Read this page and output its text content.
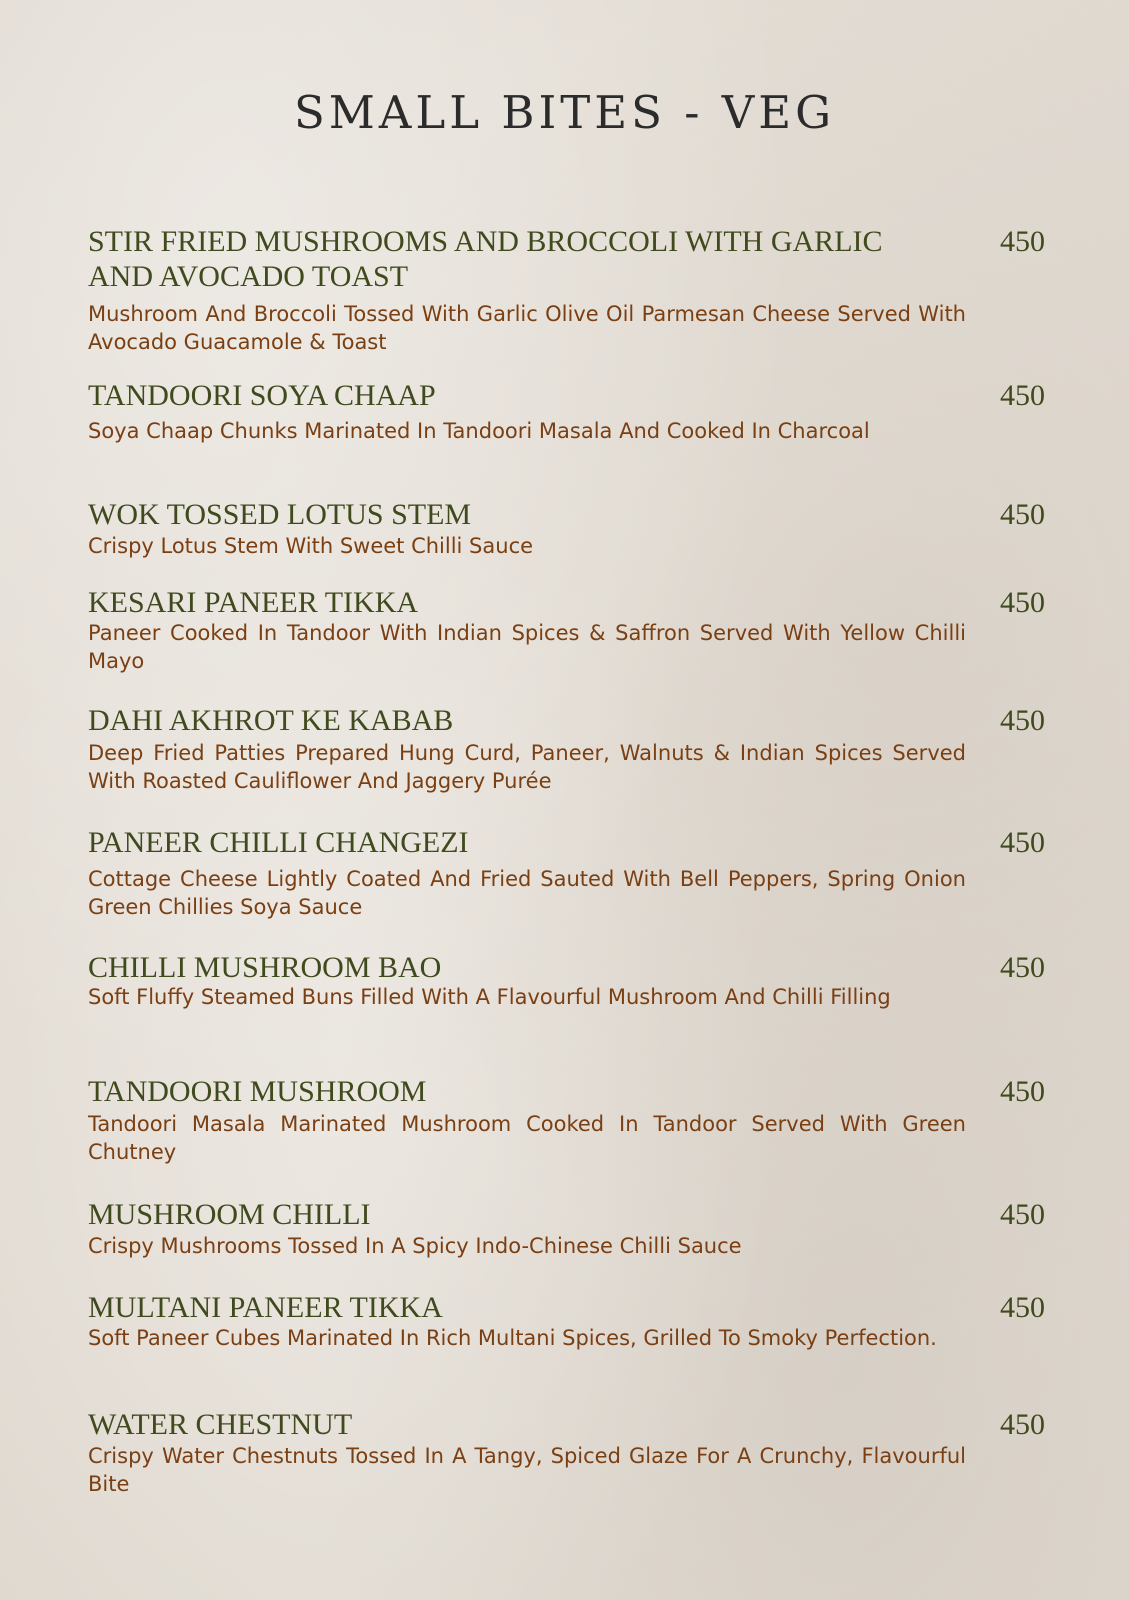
SMALL BITES - VEG
STIR FRIED MUSHROOMS AND BROCCOLI WITH GARLIC AND AVOCADO TOAST
450

Mushroom And Broccoli Tossed With Garlic Olive Oil Parmesan Cheese Served With Avocado Guacamole & Toast

TANDOORI SOYA CHAAP	450

Soya Chaap Chunks Marinated In Tandoori Masala And Cooked In Charcoal

WOK TOSSED LOTUS STEM	450

Crispy Lotus Stem With Sweet Chilli Sauce

KESARI PANEER TIKKA	450

Paneer Cooked In Tandoor With Indian Spices & Saffron Served With Yellow Chilli Mayo

DAHI AKHROT KE KABAB	450

Deep Fried Patties Prepared Hung Curd, Paneer, Walnuts & Indian Spices Served With Roasted Cauliflower And Jaggery Purée

PANEER CHILLI CHANGEZI	450

Cottage Cheese Lightly Coated And Fried Sauted With Bell Peppers, Spring Onion Green Chillies Soya Sauce

CHILLI MUSHROOM BAO	450

Soft Fluffy Steamed Buns Filled With A Flavourful Mushroom And Chilli Filling

TANDOORI MUSHROOM	450

Tandoori Masala Marinated Mushroom Cooked In Tandoor Served With Green Chutney

MUSHROOM CHILLI	450

Crispy Mushrooms Tossed In A Spicy Indo-Chinese Chilli Sauce

MULTANI PANEER TIKKA	450

Soft Paneer Cubes Marinated In Rich Multani Spices, Grilled To Smoky Perfection.

WATER CHESTNUT	450

Crispy Water Chestnuts Tossed In A Tangy, Spiced Glaze For A Crunchy, Flavourful Bite
